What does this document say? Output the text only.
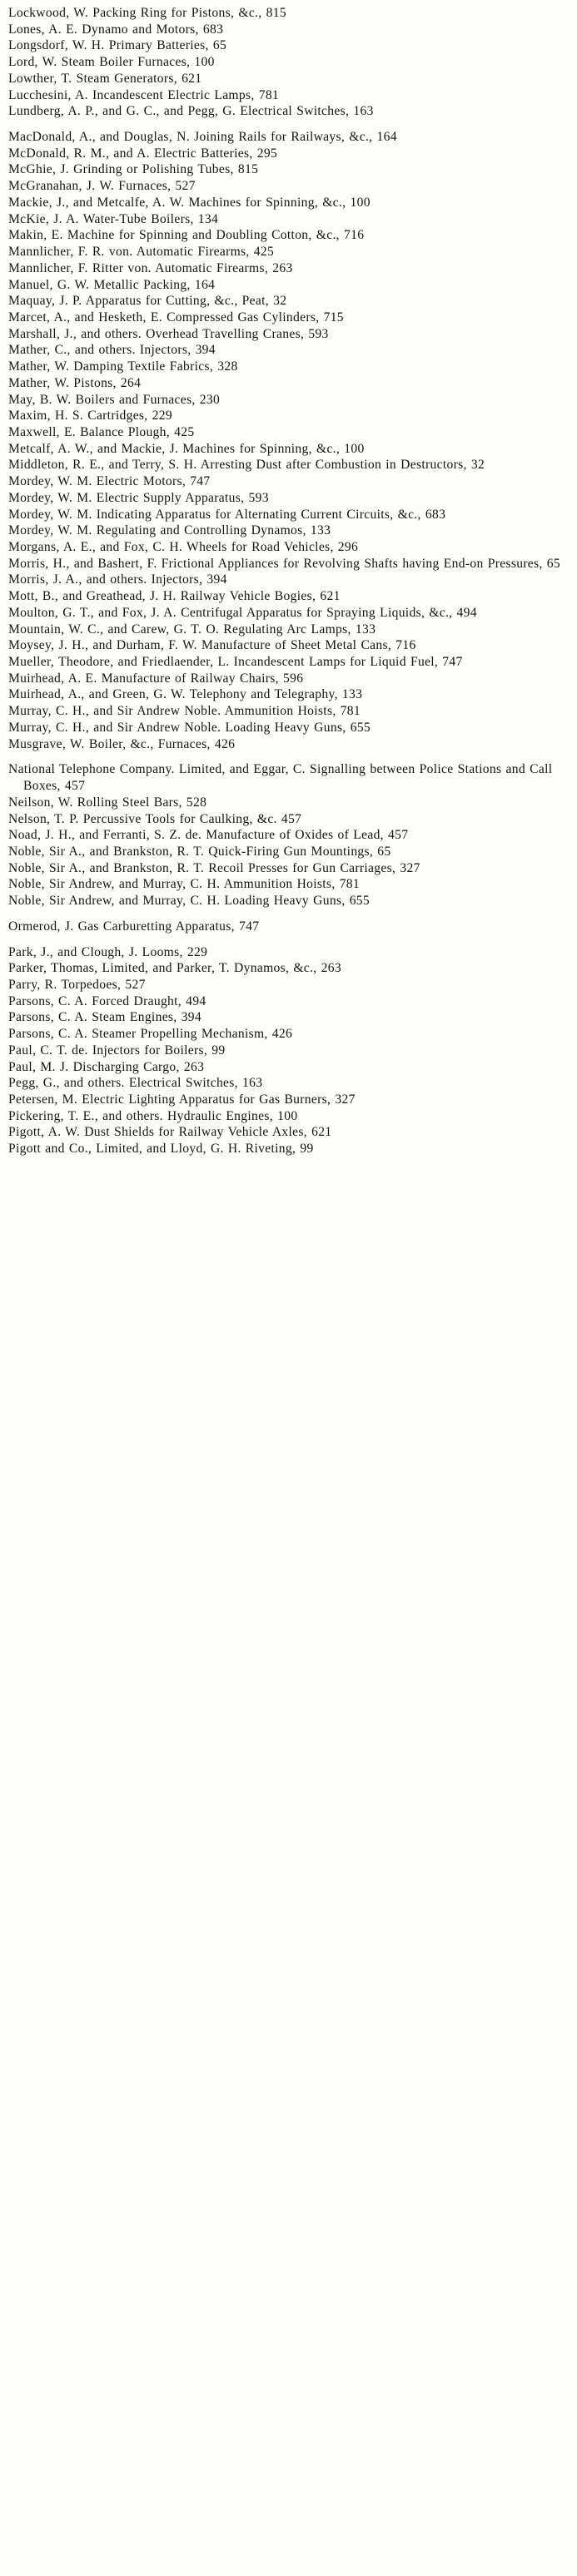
Lockwood, W. Packing Ring for Pistons, &c., 815
Lones, A. E. Dynamo and Motors, 683
Longsdorf, W. H. Primary Batteries, 65
Lord, W. Steam Boiler Furnaces, 100
Lowther, T. Steam Generators, 621
Lucchesini, A. Incandescent Electric Lamps, 781
Lundberg, A. P., and G. C., and Pegg, G. Electrical Switches, 163
MacDonald, A., and Douglas, N. Joining Rails for Railways, &c., 164
McDonald, R. M., and A. Electric Batteries, 295
McGhie, J. Grinding or Polishing Tubes, 815
McGranahan, J. W. Furnaces, 527
Mackie, J., and Metcalfe, A. W. Machines for Spinning, &c., 100
McKie, J. A. Water-Tube Boilers, 134
Makin, E. Machine for Spinning and Doubling Cotton, &c., 716
Mannlicher, F. R. von. Automatic Firearms, 425
Mannlicher, F. Ritter von. Automatic Firearms, 263
Manuel, G. W. Metallic Packing, 164
Maquay, J. P. Apparatus for Cutting, &c., Peat, 32
Marcet, A., and Hesketh, E. Compressed Gas Cylinders, 715
Marshall, J., and others. Overhead Travelling Cranes, 593
Mather, C., and others. Injectors, 394
Mather, W. Damping Textile Fabrics, 328
Mather, W. Pistons, 264
May, B. W. Boilers and Furnaces, 230
Maxim, H. S. Cartridges, 229
Maxwell, E. Balance Plough, 425
Metcalf, A. W., and Mackie, J. Machines for Spinning, &c., 100
Middleton, R. E., and Terry, S. H. Arresting Dust after Combustion in Destructors, 32
Mordey, W. M. Electric Motors, 747
Mordey, W. M. Electric Supply Apparatus, 593
Mordey, W. M. Indicating Apparatus for Alternating Current Circuits, &c., 683
Mordey, W. M. Regulating and Controlling Dynamos, 133
Morgans, A. E., and Fox, C. H. Wheels for Road Vehicles, 296
Morris, H., and Bashert, F. Frictional Appliances for Revolving Shafts having End-on Pressures, 65
Morris, J. A., and others. Injectors, 394
Mott, B., and Greathead, J. H. Railway Vehicle Bogies, 621
Moulton, G. T., and Fox, J. A. Centrifugal Apparatus for Spraying Liquids, &c., 494
Mountain, W. C., and Carew, G. T. O. Regulating Arc Lamps, 133
Moysey, J. H., and Durham, F. W. Manufacture of Sheet Metal Cans, 716
Mueller, Theodore, and Friedlaender, L. Incandescent Lamps for Liquid Fuel, 747
Muirhead, A. E. Manufacture of Railway Chairs, 596
Muirhead, A., and Green, G. W. Telephony and Telegraphy, 133
Murray, C. H., and Sir Andrew Noble. Ammunition Hoists, 781
Murray, C. H., and Sir Andrew Noble. Loading Heavy Guns, 655
Musgrave, W. Boiler, &c., Furnaces, 426
National Telephone Company. Limited, and Eggar, C. Signalling between Police Stations and Call Boxes, 457
Neilson, W. Rolling Steel Bars, 528
Nelson, T. P. Percussive Tools for Caulking, &c. 457
Noad, J. H., and Ferranti, S. Z. de. Manufacture of Oxides of Lead, 457
Noble, Sir A., and Brankston, R. T. Quick-Firing Gun Mountings, 65
Noble, Sir A., and Brankston, R. T. Recoil Presses for Gun Carriages, 327
Noble, Sir Andrew, and Murray, C. H. Ammunition Hoists, 781
Noble, Sir Andrew, and Murray, C. H. Loading Heavy Guns, 655
Ormerod, J. Gas Carburetting Apparatus, 747
Park, J., and Clough, J. Looms, 229
Parker, Thomas, Limited, and Parker, T. Dynamos, &c., 263
Parry, R. Torpedoes, 527
Parsons, C. A. Forced Draught, 494
Parsons, C. A. Steam Engines, 394
Parsons, C. A. Steamer Propelling Mechanism, 426
Paul, C. T. de. Injectors for Boilers, 99
Paul, M. J. Discharging Cargo, 263
Pegg, G., and others. Electrical Switches, 163
Petersen, M. Electric Lighting Apparatus for Gas Burners, 327
Pickering, T. E., and others. Hydraulic Engines, 100
Pigott, A. W. Dust Shields for Railway Vehicle Axles, 621
Pigott and Co., Limited, and Lloyd, G. H. Riveting, 99
